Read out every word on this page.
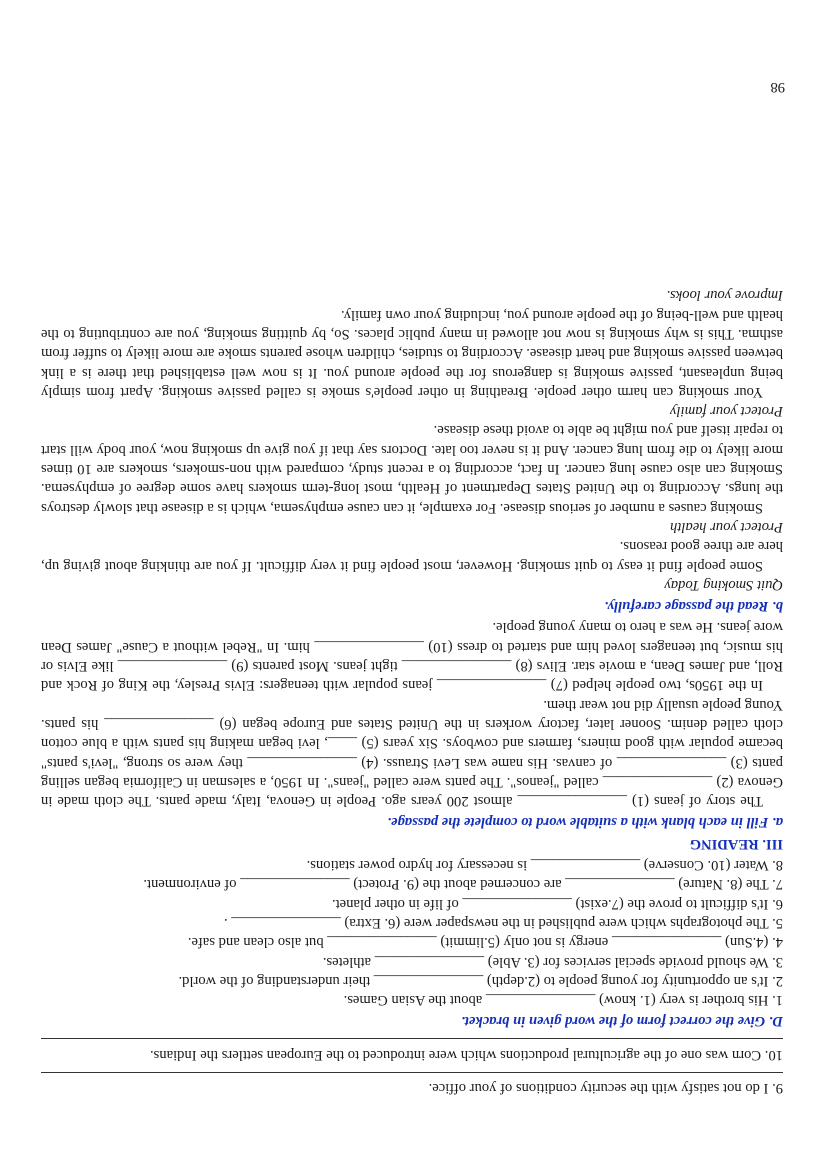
9. I do not satisfy with the security conditions of your office.

10. Corn was one of the agricultural productions which were introduced to the European settlers the Indians.

D. Give the correct form of the word given in bracket.

1. His brother is very (1. know) _______________ about the Asian Games.

2. It's an opportunity for young people to (2.depth) _______________ their understanding of the world.

3. We should provide special services for (3. Able) _______________ athletes.

4. (4.Sun) _______________ energy is not only (5.limmit) _______________ but also clean and safe.

5. The photographs which were published in the newspaper were (6. Extra) _______________ .

6. It's difficult to prove the (7.exist) _______________ of life in other planet.

7. The (8. Nature) _______________ are concerned about the (9. Protect) _______________ of environment.

8. Water (10. Conserve) _______________ is necessary for hydro power stations.

III. READING

a. Fill in each blank with a suitable word to complete the passage.

The story of jeans (1) _______________ almost 200 years ago. People in Genova, Italy, made pants. The cloth made in Genova (2) _______________ called "jeanos". The pants were called "jeans". In 1950, a salesman in California began selling pants (3) _______________ of canvas. His name was Levi Strauss. (4) _______________ they were so strong, "levi's pants" became popular with good miners, farmers and cowboys. Six years (5) ____, levi began making his pants with a blue cotton cloth called denim. Sooner later, factory workers in the United States and Europe began (6) _______________ his pants. Young people usually did not wear them.

In the 1950s, two people helped (7) _______________ jeans popular with teenagers: Elvis Presley, the King of Rock and Roll, and James Dean, a movie star. Elivs (8) _______________ tight jeans. Most parents (9) _______________ like Elvis or his music, but teenagers loved him and started to dress (10) _______________ him. In "Rebel without a Cause" James Dean wore jeans. He was a hero to many young people.

b. Read the passage carefully.

Quit Smoking Today

Some people find it easy to quit smoking. However, most people find it very difficult. If you are thinking about giving up, here are three good reasons.

Protect your health

Smoking causes a number of serious disease. For example, it can cause emphysema, which is a disease that slowly destroys the lungs. According to the United States Department of Health, most long-term smokers have some degree of emphysema. Smoking can also cause lung cancer. In fact, according to a recent study, compared with non-smokers, smokers are 10 times more likely to die from lung cancer. And it is never too late. Doctors say that if you give up smoking now, your body will start to repair itself and you might be able to avoid these disease.

Protect your family

Your smoking can harm other people. Breathing in other people's smoke is called passive smoking. Apart from simply being unpleasant, passive smoking is dangerous for the people around you. It is now well established that there is a link between passive smoking and heart disease. According to studies, children whose parents smoke are more likely to suffer from asthma. This is why smoking is now not allowed in many public places. So, by quitting smoking, you are contributing to the health and well-being of the people around you, including your own family.

Improve your looks.

98
